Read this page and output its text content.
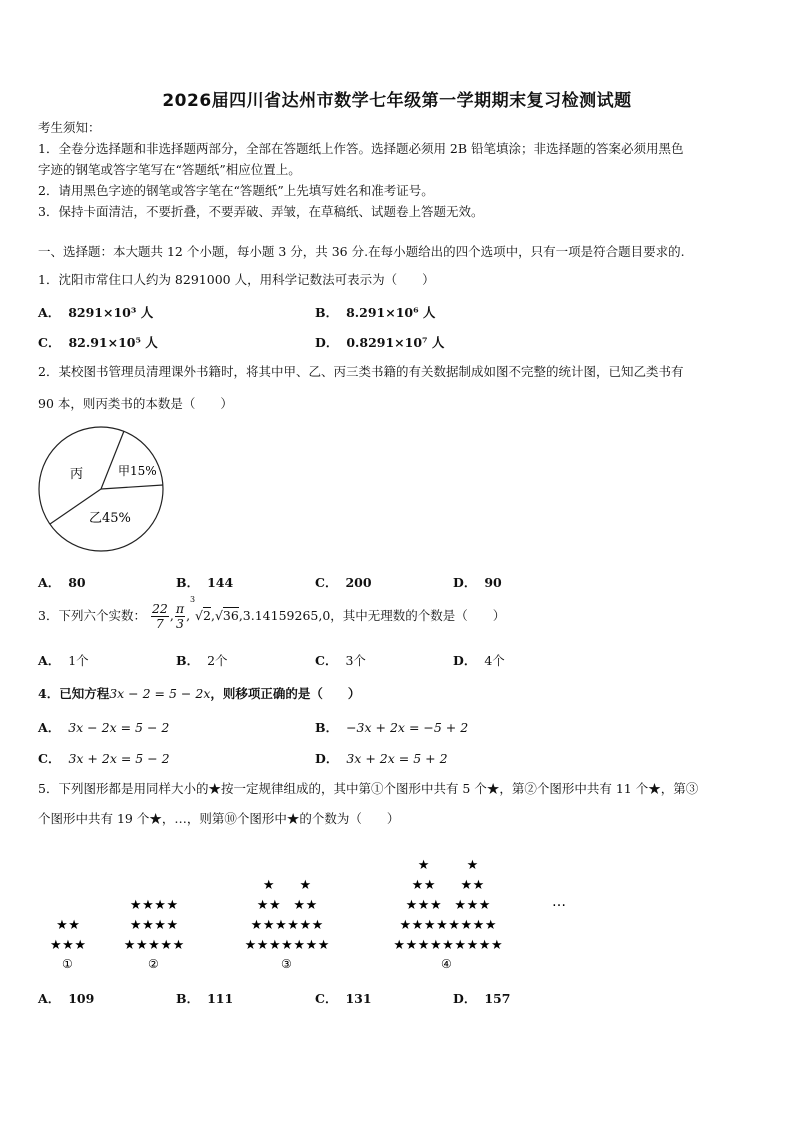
2026届四川省达州市数学七年级第一学期期末复习检测试题
考生须知：
1．全卷分选择题和非选择题两部分，全部在答题纸上作答。选择题必须用 2B 铅笔填涂；非选择题的答案必须用黑色
字迹的钢笔或答字笔写在“答题纸”相应位置上。
2．请用黑色字迹的钢笔或答字笔在“答题纸”上先填写姓名和准考证号。
3．保持卡面清洁，不要折叠，不要弄破、弄皱，在草稿纸、试题卷上答题无效。
一、选择题：本大题共 12 个小题，每小题 3 分，共 36 分.在每小题给出的四个选项中，只有一项是符合题目要求的.
1．沈阳市常住口人约为 8291000 人，用科学记数法可表示为（　　）
A． 8291×10³ 人	B． 8.291×10⁶ 人
C． 82.91×10⁵ 人	D． 0.8291×10⁷ 人
2．某校图书管理员清理课外书籍时，将其中甲、乙、丙三类书籍的有关数据制成如图不完整的统计图，已知乙类书有
90 本，则丙类书的本数是（　　）
丙	甲15%
乙45%
A． 80	B． 144	C． 200	D． 90
3．下列六个实数： $\frac{22}{7}$ , $\frac{\pi}{3}$ ,
3
√2,√36,3.14159265,0，其中无理数的个数是（　　）
A． 1个	B． 2个	C． 3个	D． 4个
4．已知方程3x − 2 = 5 − 2x，则移项正确的是（　　）
A． 3x − 2x = 5 − 2	B． −3x + 2x = −5 + 2
C． 3x + 2x = 5 − 2	D． 3x + 2x = 5 + 2
5．下列图形都是用同样大小的★按一定规律组成的，其中第①个图形中共有 5 个★，第②个图形中共有 11 个★，第③
个图形中共有 19 个★，…，则第⑩个图形中★的个数为（　　）
★ ★ ★
★ ★
★ ★ ★ ★ ★
★ ★ ★ ★
★ ★ ★ ★
★ ★ ★ ★ ★ ★ ★
★ ★ ★ ★ ★ ★
★ ★
★
★ ★
★
★ ★ ★ ★ ★ ★ ★ ★ ★
★ ★ ★ ★ ★ ★ ★ ★
★ ★ ★
★ ★
★
★ ★ ★
★ ★
★
①	②	③	④
…
A． 109	B． 111	C． 131	D． 157
